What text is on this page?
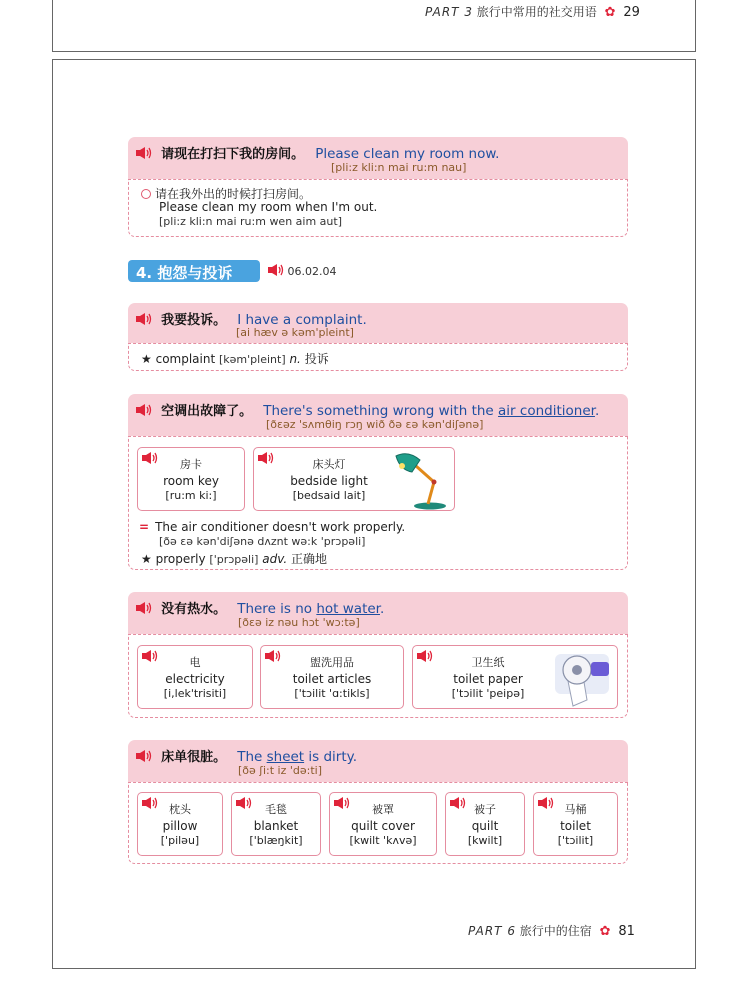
PART 3 旅行中常用的社交用语 ✿ 29
请现在打扫下我的房间。 Please clean my room now.
[pli:z kli:n mai ru:m nau]
请在我外出的时候打扫房间。
Please clean my room when I'm out.
[pli:z kli:n mai ru:m wen aim aut]
4. 抱怨与投诉	06.02.04
我要投诉。 I have a complaint.
[ai hæv ə kəm'pleint]
★ complaint [kəm'pleint] n. 投诉
空调出故障了。 There's something wrong with the air conditioner.
[ðεəz 'sʌmθiŋ rɔŋ wið ðə εə kən'diʃənə]
= The air conditioner doesn't work properly.
[ðə εə kən'diʃənə dʌznt wə:k 'prɔpəli]
★ properly ['prɔpəli] adv. 正确地
房卡
room key
[ru:m ki:]
床头灯
bedside light
[bedsaid lait]
没有热水。 There is no hot water.
[ðεə iz nəu hɔt 'wɔ:tə]
电
electricity
[i,lek'trisiti]
盥洗用品
toilet articles
['tɔilit 'ɑ:tikls]
卫生纸
toilet paper
['tɔilit 'peipə]
床单很脏。 The sheet is dirty.
[ðə ʃi:t iz 'də:ti]
枕头
pillow
['piləu]
毛毯
blanket
['blæŋkit]
被罩
quilt cover
[kwilt 'kʌvə]
被子
quilt
[kwilt]
马桶
toilet
['tɔilit]
PART 6 旅行中的住宿 ✿ 81
